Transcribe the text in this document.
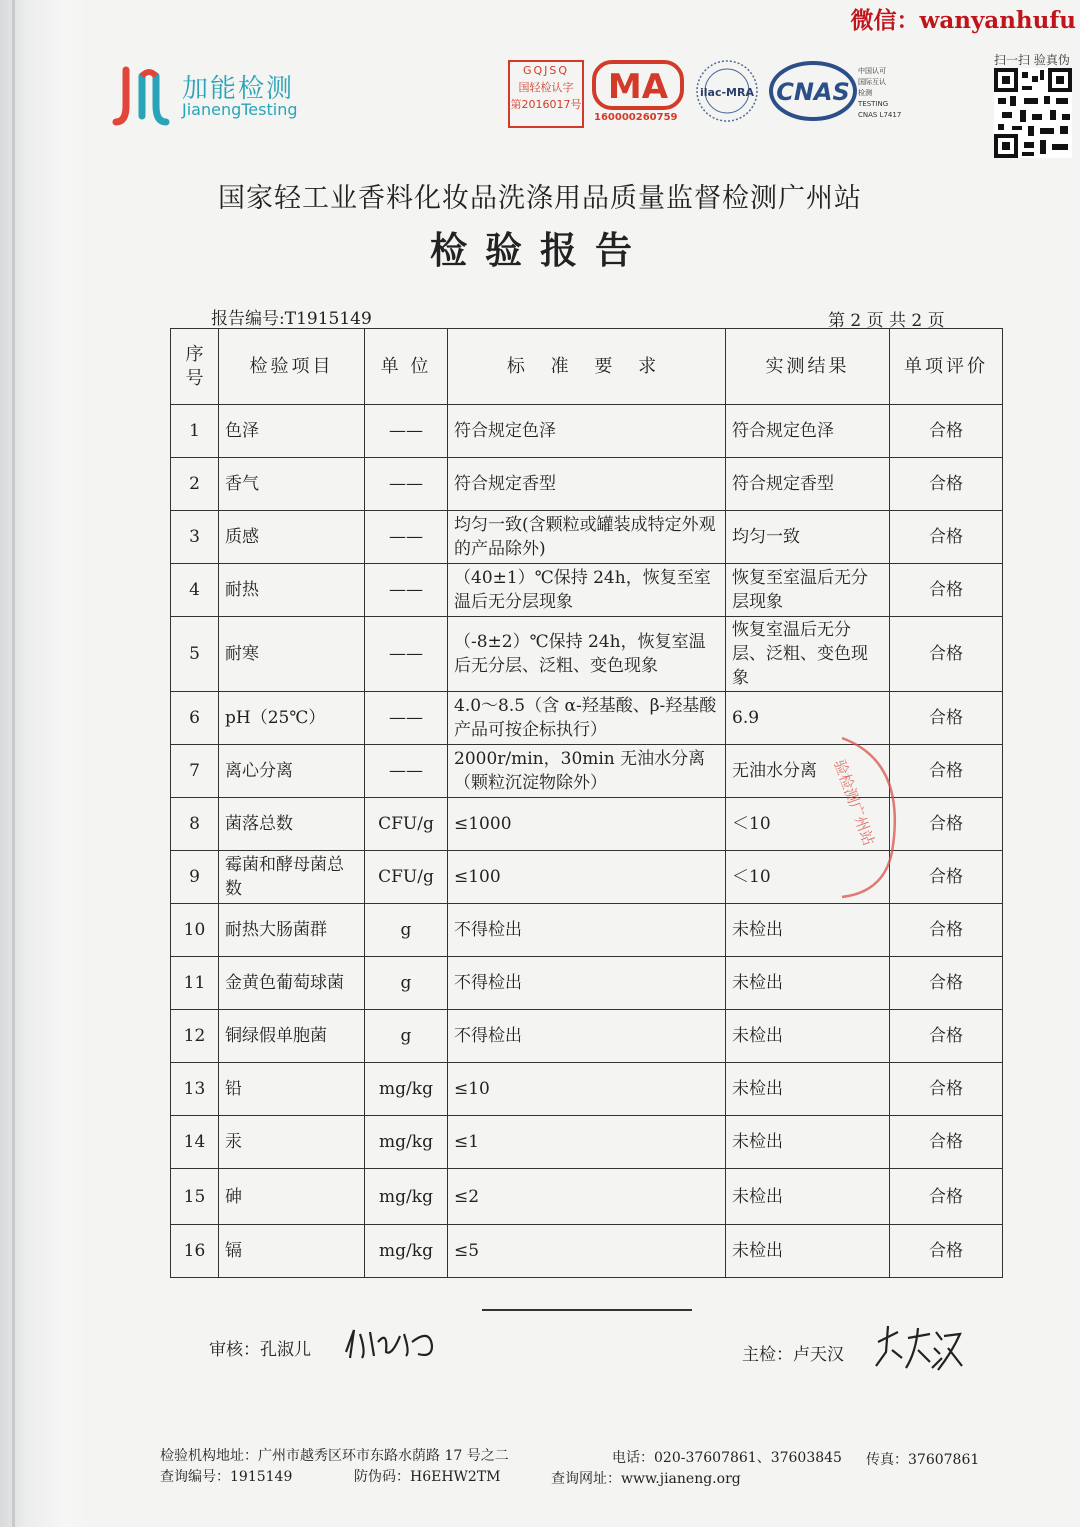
微信：wanyanhufu
加能检测
JianengTesting
GQJSQ
国轻检认字
第2016017号 MA
160000260759
ilac-MRA CNAS
中国认可
国际互认
检测
TESTING
CNAS L7417
扫一扫 验真伪
国家轻工业香料化妆品洗涤用品质量监督检测广州站
检验报告
报告编号:T1915149	第 2 页 共 2 页
序号	检验项目	单 位	标 准 要 求	实测结果	单项评价
1	色泽	——	符合规定色泽	符合规定色泽	合格
2	香气	——	符合规定香型	符合规定香型	合格
3	质感	——	均匀一致(含颗粒或罐装成特定外观的产品除外)	均匀一致	合格
4	耐热	——	（40±1）℃保持 24h，恢复至室温后无分层现象	恢复至室温后无分层现象	合格
5	耐寒	——	（-8±2）℃保持 24h，恢复室温后无分层、泛粗、变色现象	恢复室温后无分层、泛粗、变色现象	合格
6	pH（25℃）	——	4.0～8.5（含 α-羟基酸、β-羟基酸产品可按企标执行）	6.9	合格
7	离心分离	——	2000r/min，30min 无油水分离（颗粒沉淀物除外）	无油水分离	合格
8	菌落总数	CFU/g	≤1000	＜10	合格
9	霉菌和酵母菌总数	CFU/g	≤100	＜10	合格
10	耐热大肠菌群	g	不得检出	未检出	合格
11	金黄色葡萄球菌	g	不得检出	未检出	合格
12	铜绿假单胞菌	g	不得检出	未检出	合格
13	铅	mg/kg	≤10	未检出	合格
14	汞	mg/kg	≤1	未检出	合格
15	砷	mg/kg	≤2	未检出	合格
16	镉	mg/kg	≤5	未检出	合格
验检测广州站
审核：孔淑儿	主检：卢天汉
检验机构地址：广州市越秀区环市东路水荫路 17 号之二	电话：020-37607861、37603845 传真：37607861
查询编号：1915149	防伪码：H6EHW2TM	查询网址：www.jianeng.org
